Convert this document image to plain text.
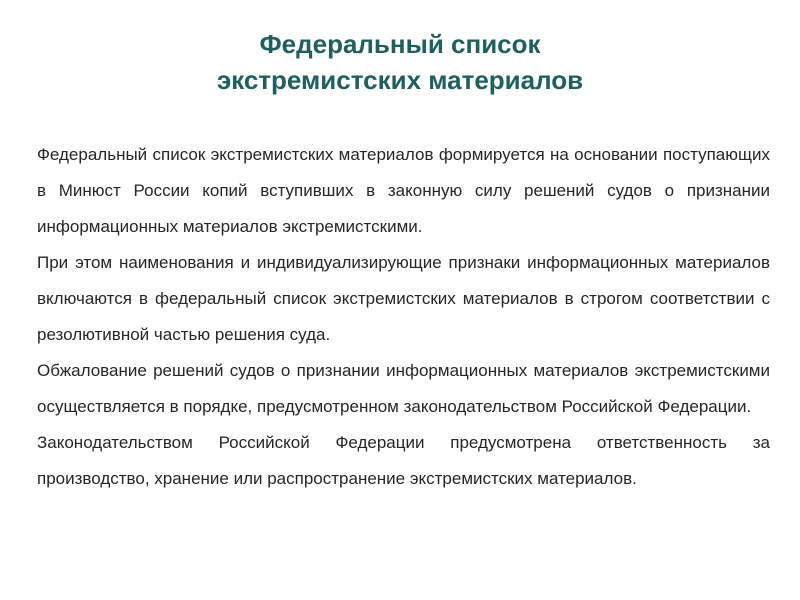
Федеральный список
экстремистских материалов

Федеральный список экстремистских материалов формируется на основании поступающих в Минюст России копий вступивших в законную силу решений судов о признании информационных материалов экстремистскими.

При этом наименования и индивидуализирующие признаки информационных материалов включаются в федеральный список экстремистских материалов в строгом соответствии с резолютивной частью решения суда.

Обжалование решений судов о признании информационных материалов экстремистскими осуществляется в порядке, предусмотренном законодательством Российской Федерации.

Законодательством Российской Федерации предусмотрена ответственность за производство, хранение или распространение экстремистских материалов.
